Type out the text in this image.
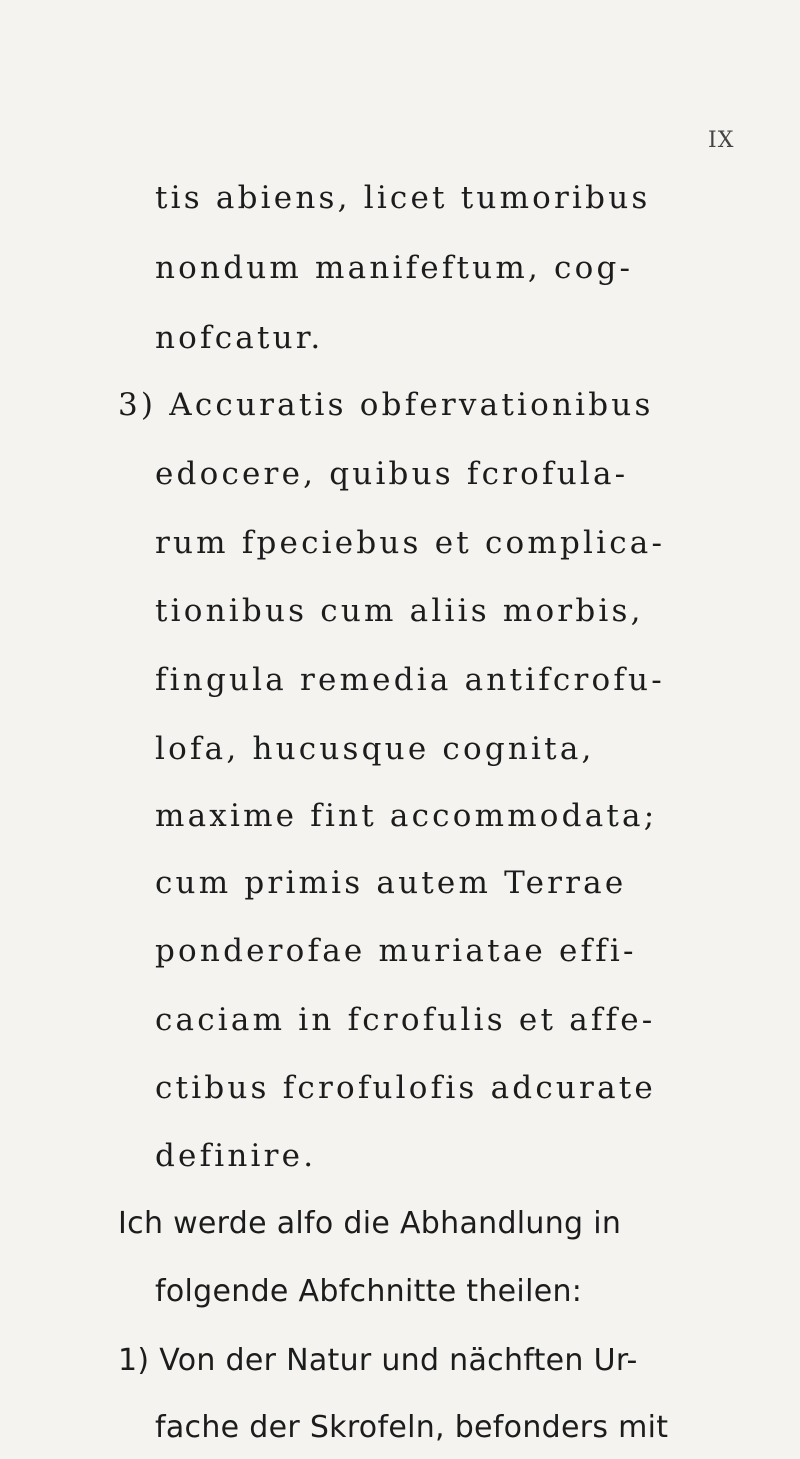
IX
tis abiens, licet tumoribus
nondum manifeftum, cog-
nofcatur.
3) Accuratis obfervationibus
edocere, quibus fcrofula-
rum fpeciebus et complica-
tionibus cum aliis morbis,
fingula remedia antifcrofu-
lofa, hucusque cognita,
maxime fint accommodata;
cum primis autem Terrae
ponderofae muriatae effi-
caciam in fcrofulis et affe-
ctibus fcrofulofis adcurate
definire.
Ich werde alfo die Abhandlung in
folgende Abfchnitte theilen:
1) Von der Natur und nächften Ur-
fache der Skrofeln, befonders mit
